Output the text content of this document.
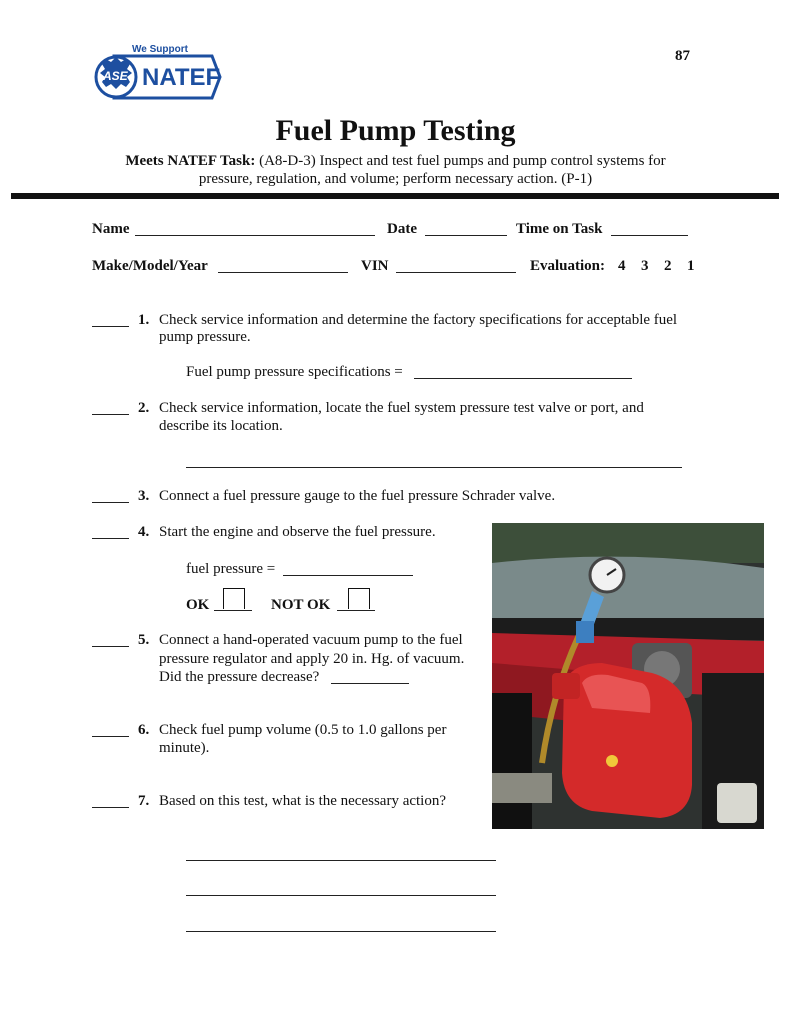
We Support
ASE NATEF
87
Fuel Pump Testing
Meets NATEF Task: (A8-D-3) Inspect and test fuel pumps and pump control systems for
pressure, regulation, and volume; perform necessary action. (P-1)
Name	Date	Time on Task
Make/Model/Year	VIN	Evaluation: 4 3 2 1
1. Check service information and determine the factory specifications for acceptable fuel
pump pressure.
Fuel pump pressure specifications =
2. Check service information, locate the fuel system pressure test valve or port, and
describe its location.
3. Connect a fuel pressure gauge to the fuel pressure Schrader valve.
4. Start the engine and observe the fuel pressure.
fuel pressure =
OK	NOT OK
5. Connect a hand-operated vacuum pump to the fuel
pressure regulator and apply 20 in. Hg. of vacuum.
Did the pressure decrease?
6. Check fuel pump volume (0.5 to 1.0 gallons per
minute).
7. Based on this test, what is the necessary action?
